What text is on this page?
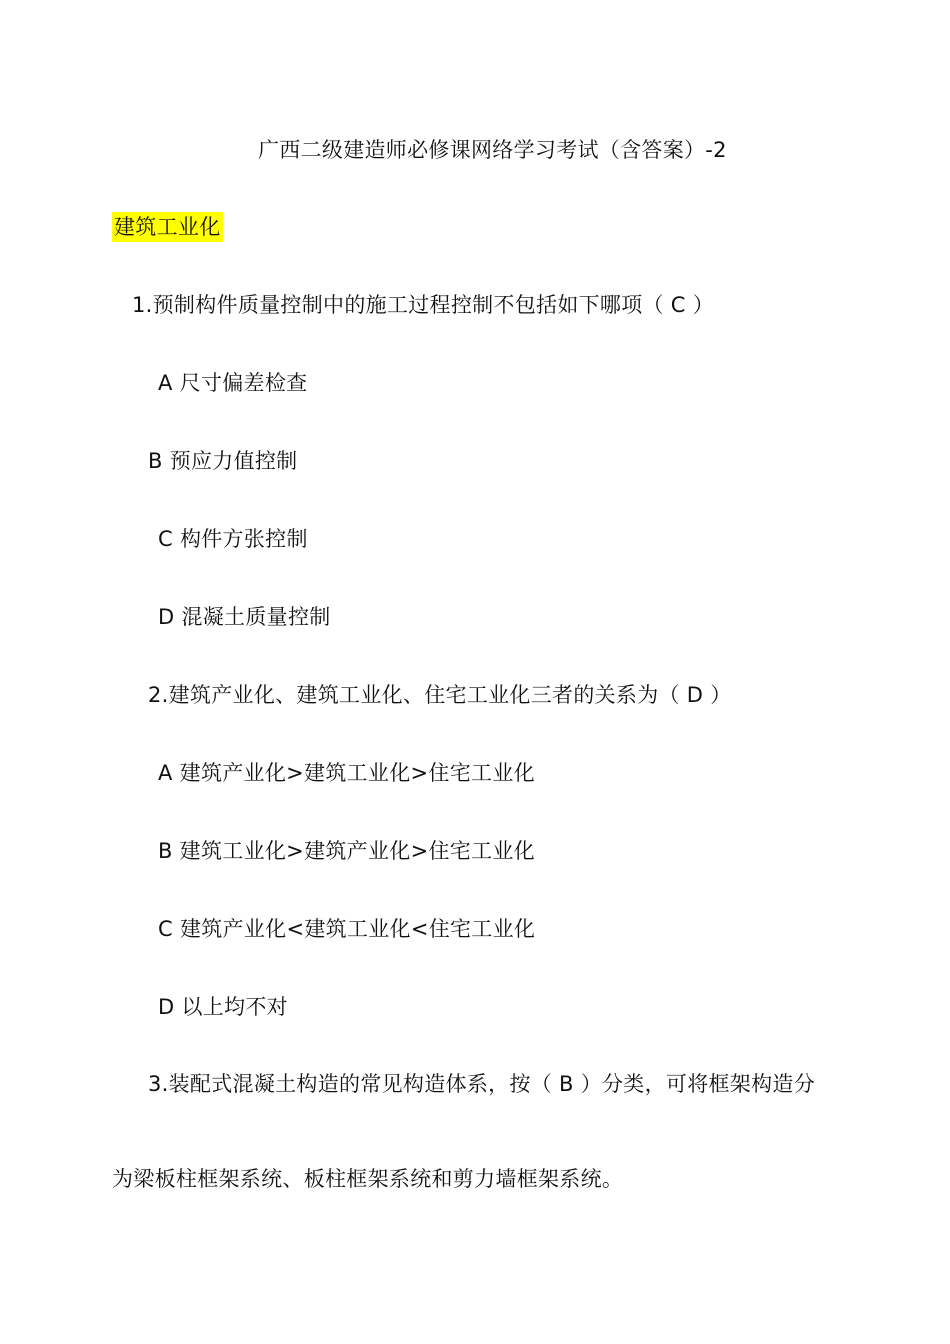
广西二级建造师必修课网络学习考试（含答案）-2
建筑工业化
1.预制构件质量控制中的施工过程控制不包括如下哪项（ C ）
A 尺寸偏差检查
B 预应力值控制
C 构件方张控制
D 混凝土质量控制
2.建筑产业化、建筑工业化、住宅工业化三者的关系为（ D ）
A 建筑产业化>建筑工业化>住宅工业化
B 建筑工业化>建筑产业化>住宅工业化
C 建筑产业化<建筑工业化<住宅工业化
D 以上均不对
3.装配式混凝土构造的常见构造体系，按（ B ）分类，可将框架构造分
为梁板柱框架系统、板柱框架系统和剪力墙框架系统。
